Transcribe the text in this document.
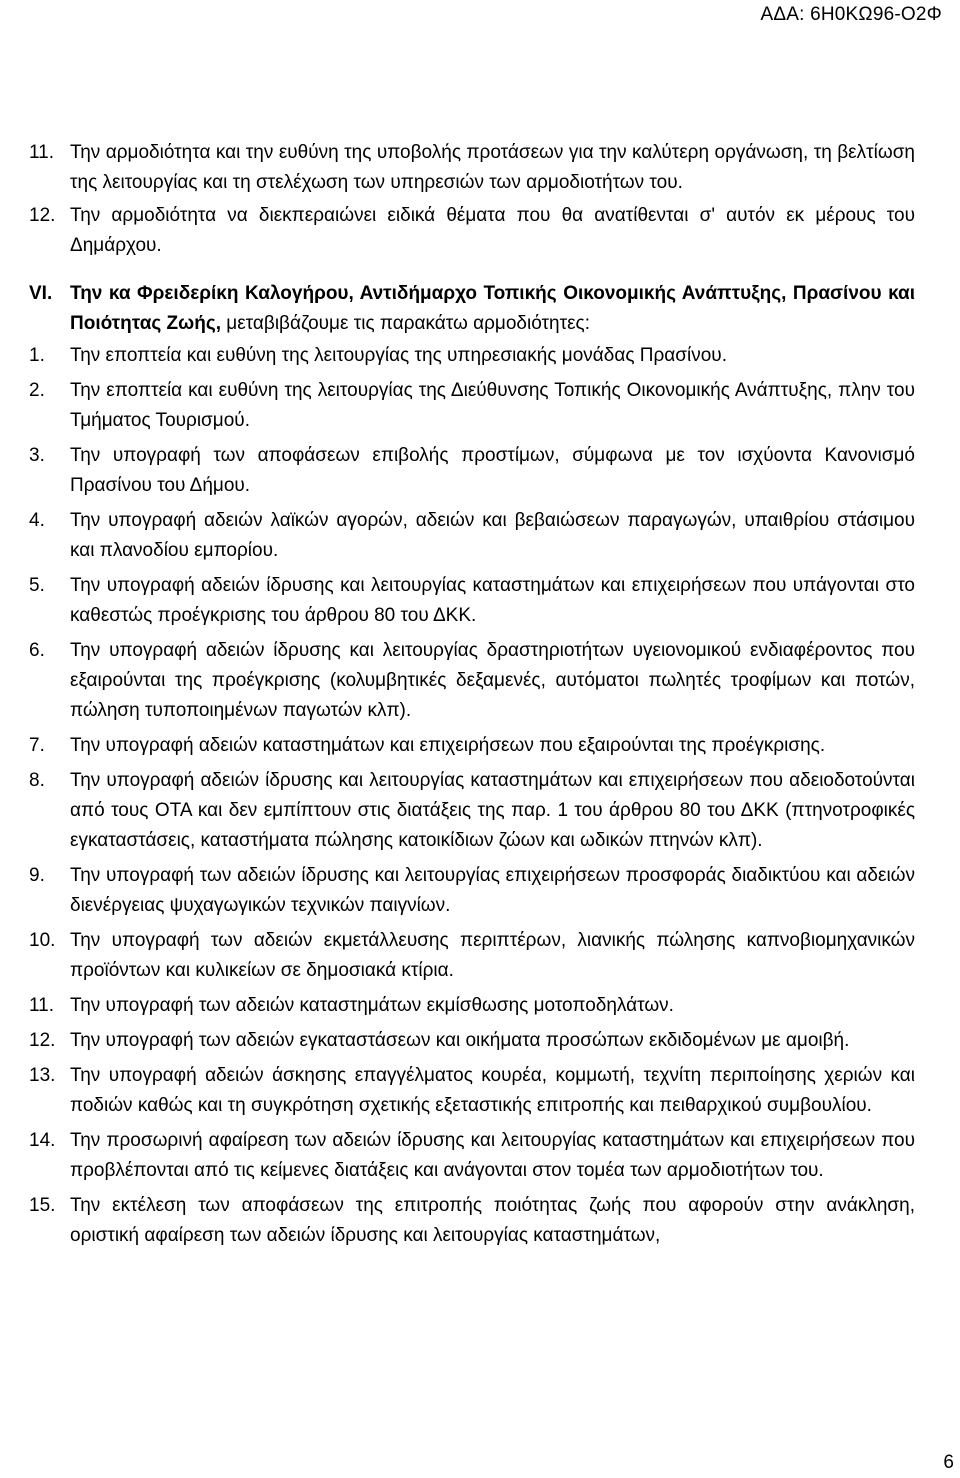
ΑΔΑ: 6Η0ΚΩ96-Ο2Φ
11. Την αρμοδιότητα και την ευθύνη της υποβολής προτάσεων για την καλύτερη οργάνωση, τη βελτίωση της λειτουργίας και τη στελέχωση των υπηρεσιών των αρμοδιοτήτων του.
12. Την αρμοδιότητα να διεκπεραιώνει ειδικά θέματα που θα ανατίθενται σ' αυτόν εκ μέρους του Δημάρχου.
VI. Την κα Φρειδερίκη Καλογήρου, Αντιδήμαρχο Τοπικής Οικονομικής Ανάπτυξης, Πρασίνου και Ποιότητας Ζωής, μεταβιβάζουμε τις παρακάτω αρμοδιότητες:
1.	Την εποπτεία και ευθύνη της λειτουργίας της υπηρεσιακής μονάδας Πρασίνου.
2.	Την εποπτεία και ευθύνη της λειτουργίας της Διεύθυνσης Τοπικής Οικονομικής Ανάπτυξης, πλην του Τμήματος Τουρισμού.
3.	Την υπογραφή των αποφάσεων επιβολής προστίμων, σύμφωνα με τον ισχύοντα Κανονισμό Πρασίνου του Δήμου.
4.	Την υπογραφή αδειών λαϊκών αγορών, αδειών και βεβαιώσεων παραγωγών, υπαιθρίου στάσιμου και πλανοδίου εμπορίου.
5.	Την υπογραφή αδειών ίδρυσης και λειτουργίας καταστημάτων και επιχειρήσεων που υπάγονται στο καθεστώς προέγκρισης του άρθρου 80 του ΔΚΚ.
6.	Την υπογραφή αδειών ίδρυσης και λειτουργίας δραστηριοτήτων υγειονομικού ενδιαφέροντος που εξαιρούνται της προέγκρισης (κολυμβητικές δεξαμενές, αυτόματοι πωλητές τροφίμων και ποτών, πώληση τυποποιημένων παγωτών κλπ).
7.	Την υπογραφή αδειών καταστημάτων και επιχειρήσεων που εξαιρούνται της προέγκρισης.
8.	Την υπογραφή αδειών ίδρυσης και λειτουργίας καταστημάτων και επιχειρήσεων που αδειοδοτούνται από τους ΟΤΑ και δεν εμπίπτουν στις διατάξεις της παρ. 1 του άρθρου 80 του ΔΚΚ (πτηνοτροφικές εγκαταστάσεις, καταστήματα πώλησης κατοικίδιων ζώων και ωδικών πτηνών κλπ).
9.	Την υπογραφή των αδειών ίδρυσης και λειτουργίας επιχειρήσεων προσφοράς διαδικτύου και αδειών διενέργειας ψυχαγωγικών τεχνικών παιγνίων.
10. Την υπογραφή των αδειών εκμετάλλευσης περιπτέρων, λιανικής πώλησης καπνοβιομηχανικών προϊόντων και κυλικείων σε δημοσιακά κτίρια.
11. Την υπογραφή των αδειών καταστημάτων εκμίσθωσης μοτοποδηλάτων.
12. Την υπογραφή των αδειών εγκαταστάσεων και οικήματα προσώπων εκδιδομένων με αμοιβή.
13. Την υπογραφή αδειών άσκησης επαγγέλματος κουρέα, κομμωτή, τεχνίτη περιποίησης χεριών και ποδιών καθώς και τη συγκρότηση σχετικής εξεταστικής επιτροπής και πειθαρχικού συμβουλίου.
14. Την προσωρινή αφαίρεση των αδειών ίδρυσης και λειτουργίας καταστημάτων και επιχειρήσεων που προβλέπονται από τις κείμενες διατάξεις και ανάγονται στον τομέα των αρμοδιοτήτων του.
15. Την εκτέλεση των αποφάσεων της επιτροπής ποιότητας ζωής που αφορούν στην ανάκληση, οριστική αφαίρεση των αδειών ίδρυσης και λειτουργίας καταστημάτων,
6
